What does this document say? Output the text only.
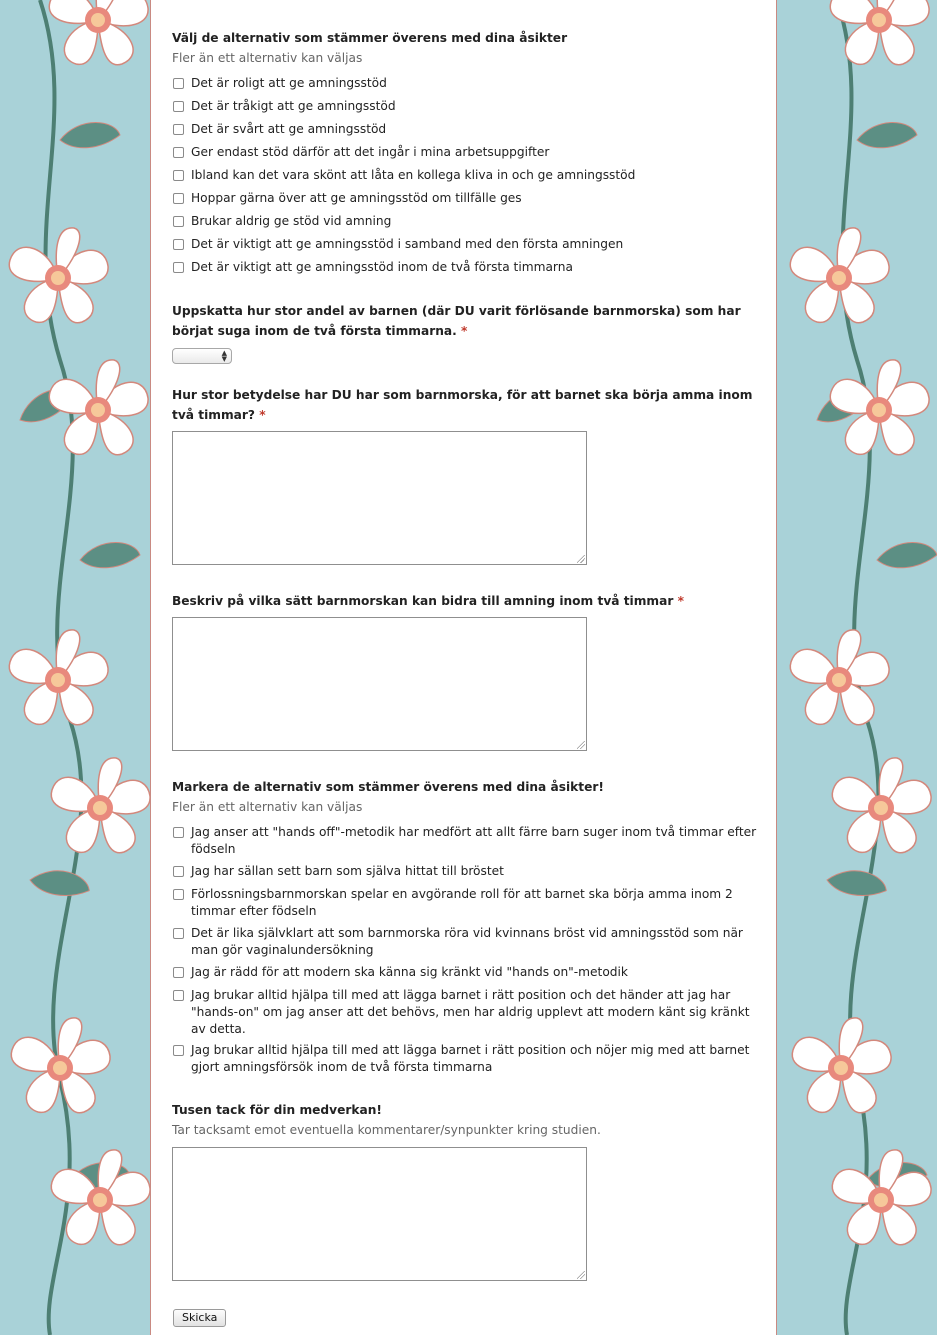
Välj de alternativ som stämmer överens med dina åsikter
Fler än ett alternativ kan väljas
Det är roligt att ge amningsstöd
Det är tråkigt att ge amningsstöd
Det är svårt att ge amningsstöd
Ger endast stöd därför att det ingår i mina arbetsuppgifter
Ibland kan det vara skönt att låta en kollega kliva in och ge amningsstöd
Hoppar gärna över att ge amningsstöd om tillfälle ges
Brukar aldrig ge stöd vid amning
Det är viktigt att ge amningsstöd i samband med den första amningen
Det är viktigt att ge amningsstöd inom de två första timmarna
Uppskatta hur stor andel av barnen (där DU varit förlösande barnmorska) som har börjat suga inom de två första timmarna. *
▲
▼
Hur stor betydelse har DU har som barnmorska, för att barnet ska börja amma inom två timmar? *
Beskriv på vilka sätt barnmorskan kan bidra till amning inom två timmar *
Markera de alternativ som stämmer överens med dina åsikter!
Fler än ett alternativ kan väljas
Jag anser att "hands off"-metodik har medfört att allt färre barn suger inom två timmar efter födseln
Jag har sällan sett barn som själva hittat till bröstet
Förlossningsbarnmorskan spelar en avgörande roll för att barnet ska börja amma inom 2 timmar efter födseln
Det är lika självklart att som barnmorska röra vid kvinnans bröst vid amningsstöd som när man gör vaginalundersökning
Jag är rädd för att modern ska känna sig kränkt vid "hands on"-metodik
Jag brukar alltid hjälpa till med att lägga barnet i rätt position och det händer att jag har "hands-on" om jag anser att det behövs, men har aldrig upplevt att modern känt sig kränkt av detta.
Jag brukar alltid hjälpa till med att lägga barnet i rätt position och nöjer mig med att barnet gjort amningsförsök inom de två första timmarna
Tusen tack för din medverkan!
Tar tacksamt emot eventuella kommentarer/synpunkter kring studien.
Skicka
